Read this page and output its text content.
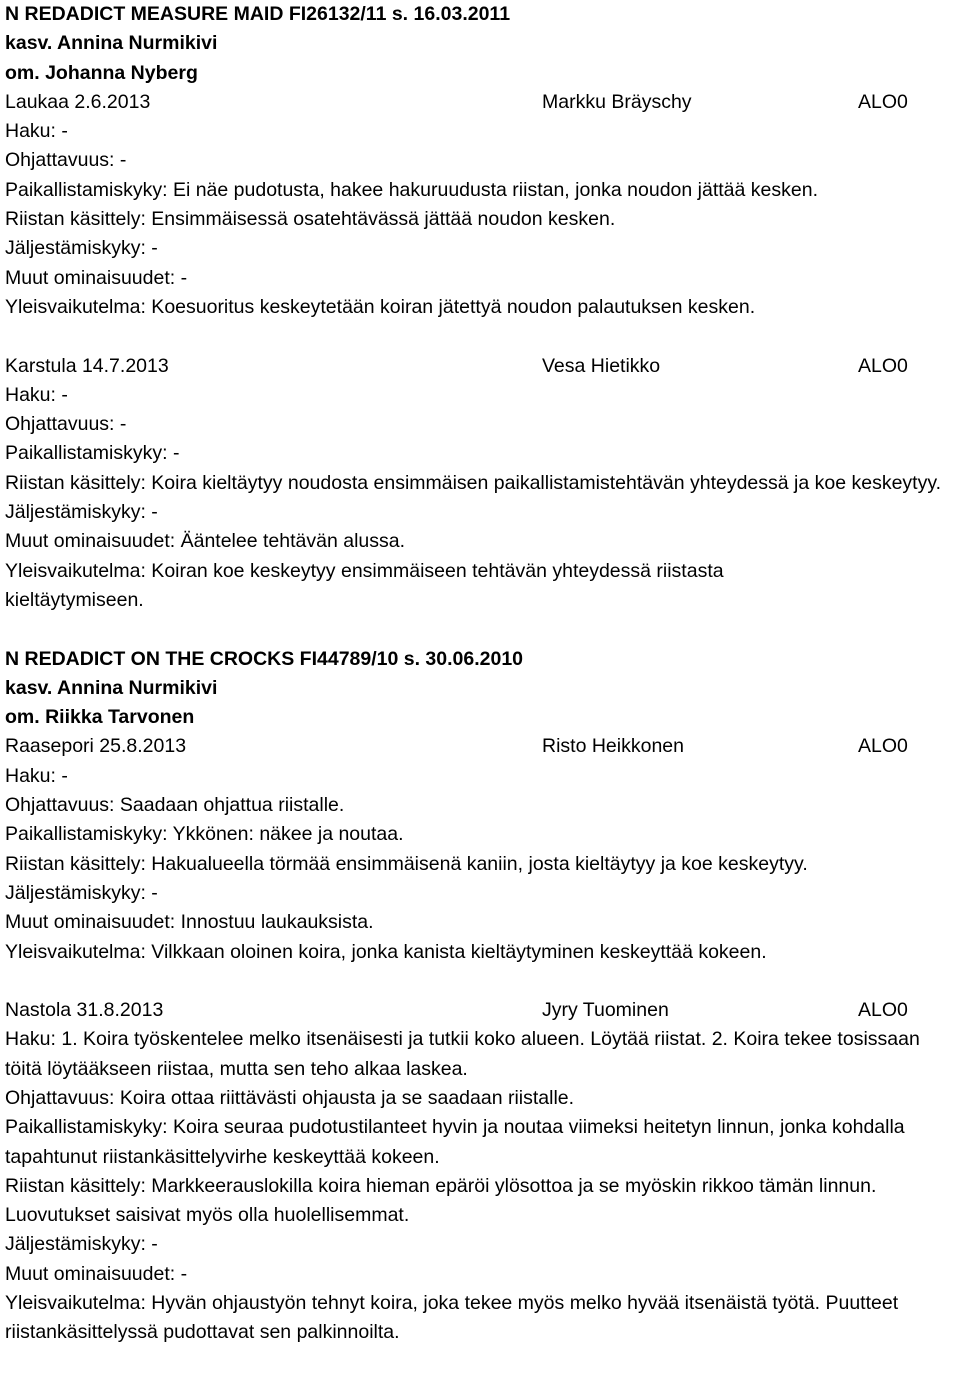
N REDADICT MEASURE MAID FI26132/11 s. 16.03.2011
kasv. Annina Nurmikivi
om. Johanna Nyberg
Laukaa 2.6.2013	Markku Bräyschy	ALO0
Haku: -
Ohjattavuus: -
Paikallistamiskyky: Ei näe pudotusta, hakee hakuruudusta riistan, jonka noudon jättää kesken.
Riistan käsittely: Ensimmäisessä osatehtävässä jättää noudon kesken.
Jäljestämiskyky: -
Muut ominaisuudet: -
Yleisvaikutelma: Koesuoritus keskeytetään koiran jätettyä noudon palautuksen kesken.
Karstula 14.7.2013	Vesa Hietikko	ALO0
Haku: -
Ohjattavuus: -
Paikallistamiskyky: -
Riistan käsittely: Koira kieltäytyy noudosta ensimmäisen paikallistamistehtävän yhteydessä ja koe keskeytyy.
Jäljestämiskyky: -
Muut ominaisuudet: Ääntelee tehtävän alussa.
Yleisvaikutelma: Koiran koe keskeytyy ensimmäiseen tehtävän yhteydessä riistasta kieltäytymiseen.
N REDADICT ON THE CROCKS FI44789/10 s. 30.06.2010
kasv. Annina Nurmikivi
om. Riikka Tarvonen
Raasepori 25.8.2013	Risto Heikkonen	ALO0
Haku: -
Ohjattavuus: Saadaan ohjattua riistalle.
Paikallistamiskyky: Ykkönen: näkee ja noutaa.
Riistan käsittely: Hakualueella törmää ensimmäisenä kaniin, josta kieltäytyy ja koe keskeytyy.
Jäljestämiskyky: -
Muut ominaisuudet: Innostuu laukauksista.
Yleisvaikutelma: Vilkkaan oloinen koira, jonka kanista kieltäytyminen keskeyttää kokeen.
Nastola 31.8.2013	Jyry Tuominen	ALO0
Haku: 1. Koira työskentelee melko itsenäisesti ja tutkii koko alueen. Löytää riistat. 2. Koira tekee tosissaan töitä löytääkseen riistaa, mutta sen teho alkaa laskea.
Ohjattavuus: Koira ottaa riittävästi ohjausta ja se saadaan riistalle.
Paikallistamiskyky: Koira seuraa pudotustilanteet hyvin ja noutaa viimeksi heitetyn linnun, jonka kohdalla tapahtunut riistankäsittelyvirhe keskeyttää kokeen.
Riistan käsittely: Markkeerauslokilla koira hieman epäröi ylösottoa ja se myöskin rikkoo tämän linnun. Luovutukset saisivat myös olla huolellisemmat.
Jäljestämiskyky: -
Muut ominaisuudet: -
Yleisvaikutelma: Hyvän ohjaustyön tehnyt koira, joka tekee myös melko hyvää itsenäistä työtä. Puutteet riistankäsittelyssä pudottavat sen palkinnoilta.
